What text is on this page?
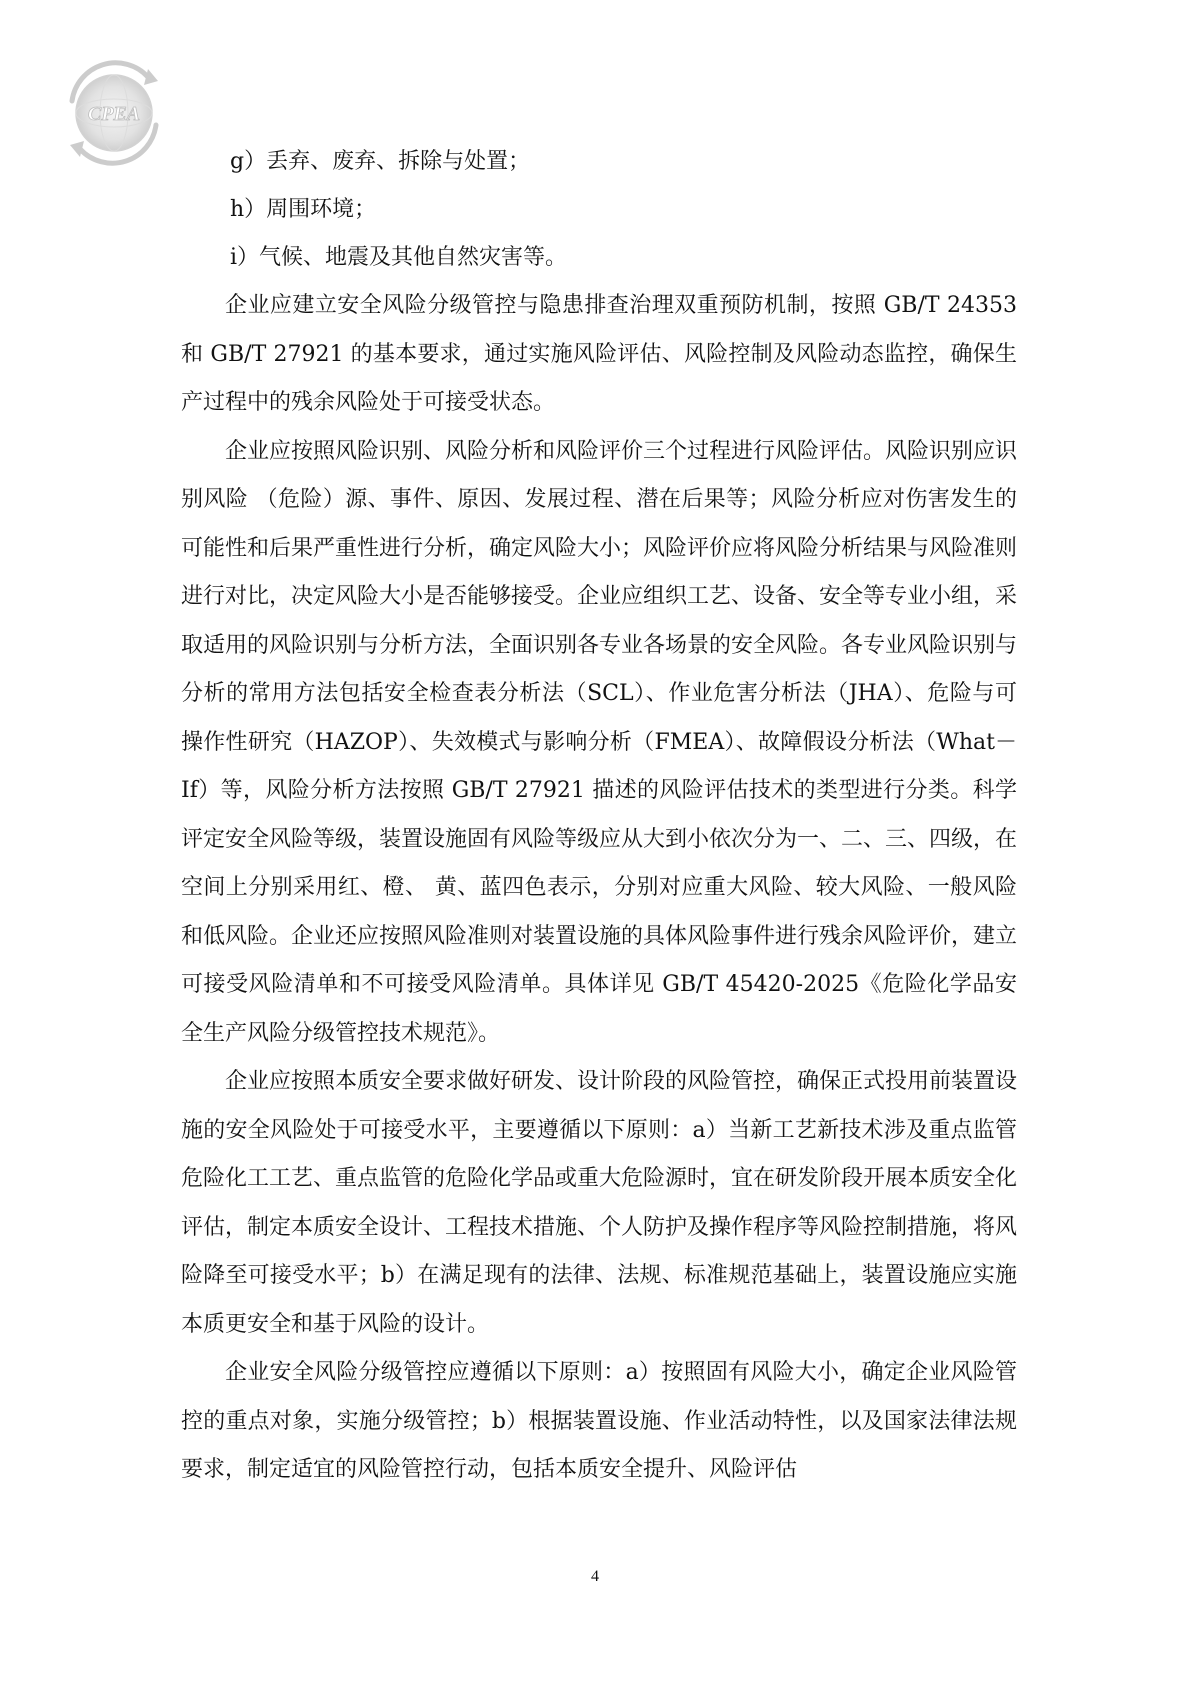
CPEA
g）丢弃、废弃、拆除与处置；
h）周围环境；
i）气候、地震及其他自然灾害等。

企业应建立安全风险分级管控与隐患排查治理双重预防机制，按照 GB/T 24353 和 GB/T 27921 的基本要求，通过实施风险评估、风险控制及风险动态监控，确保生产过程中的残余风险处于可接受状态。

企业应按照风险识别、风险分析和风险评价三个过程进行风险评估。风险识别应识别风险 （危险）源、事件、原因、发展过程、潜在后果等；风险分析应对伤害发生的可能性和后果严重性进行分析，确定风险大小；风险评价应将风险分析结果与风险准则进行对比，决定风险大小是否能够接受。企业应组织工艺、设备、安全等专业小组，采取适用的风险识别与分析方法，全面识别各专业各场景的安全风险。各专业风险识别与分析的常用方法包括安全检查表分析法（SCL）、作业危害分析法（JHA）、危险与可操作性研究（HAZOP）、失效模式与影响分析（FMEA）、故障假设分析法（What－If）等，风险分析方法按照 GB/T 27921 描述的风险评估技术的类型进行分类。科学评定安全风险等级，装置设施固有风险等级应从大到小依次分为一、二、三、四级，在空间上分别采用红、橙、 黄、蓝四色表示，分别对应重大风险、较大风险、一般风险和低风险。企业还应按照风险准则对装置设施的具体风险事件进行残余风险评价，建立可接受风险清单和不可接受风险清单。具体详见 GB/T 45420-2025《危险化学品安全生产风险分级管控技术规范》。

企业应按照本质安全要求做好研发、设计阶段的风险管控，确保正式投用前装置设施的安全风险处于可接受水平，主要遵循以下原则：a）当新工艺新技术涉及重点监管危险化工工艺、重点监管的危险化学品或重大危险源时，宜在研发阶段开展本质安全化评估，制定本质安全设计、工程技术措施、个人防护及操作程序等风险控制措施，将风险降至可接受水平；b）在满足现有的法律、法规、标准规范基础上，装置设施应实施本质更安全和基于风险的设计。

企业安全风险分级管控应遵循以下原则：a）按照固有风险大小，确定企业风险管控的重点对象，实施分级管控；b）根据装置设施、作业活动特性，以及国家法律法规要求，制定适宜的风险管控行动，包括本质安全提升、风险评估

4
